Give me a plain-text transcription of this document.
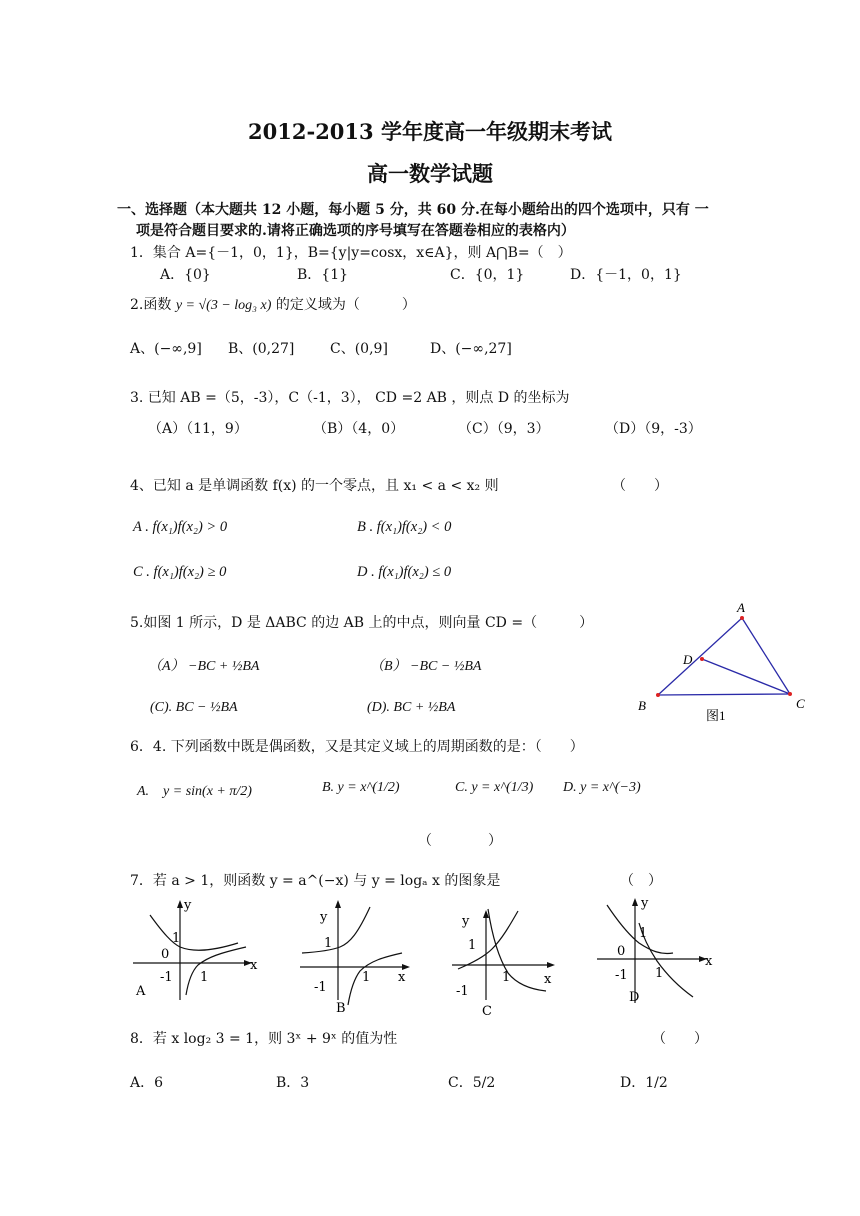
2012-2013 学年度高一年级期末考试
高一数学试题
一、选择题（本大题共 12 小题，每小题 5 分，共 60 分.在每小题给出的四个选项中，只有 一
项是符合题目要求的.请将正确选项的序号填写在答题卷相应的表格内）
1．集合 A={－1，0，1}，B={y|y=cosx，x∈A}，则 A⋂B=（　）
A．{0}	B．{1}	C．{0，1}	D．{－1，0，1}
2.函数 y = √(3 − log₃ x) 的定义域为（　　　）
A、(−∞,9] B、(0,27]	C、(0,9]	D、(−∞,27]
3. 已知 AB =（5，-3），C（-1，3）， CD =2 AB ，则点 D 的坐标为
（A）（11，9）	（B）（4，0）	（C）（9，3）	（D）（9，-3）
4、已知 a 是单调函数 f(x) 的一个零点，且 x₁ < a < x₂ 则	（　　）
A . f(x₁)f(x₂) > 0	B . f(x₁)f(x₂) < 0
C . f(x₁)f(x₂) ≥ 0	D . f(x₁)f(x₂) ≤ 0
5.如图 1 所示，D 是 ΔABC 的边 AB 上的中点，则向量 CD =（　　　）
（A） −BC + ½BA	（B） −BC − ½BA
(C). BC − ½BA	(D). BC + ½BA
A
D
B	C
图1
6．4. 下列函数中既是偶函数，又是其定义域上的周期函数的是：（　　）
A.　y = sin(x + π/2)	B. y = x^(1/2)	C. y = x^(1/3) D. y = x^(−3)
（　　　　）
7．若 a > 1，则函数 y = a^(−x) 与 y = logₐ x 的图象是	（　）
y
0
1
x
-1 1
A
y
1
x
-1
1
B
y
1
x
-1
1
C
y
0
1
x
-1 1
D
8．若 x log₂ 3 = 1，则 3ˣ + 9ˣ 的值为性	（　　）
A．6	B．3	C．5/2	D．1/2
